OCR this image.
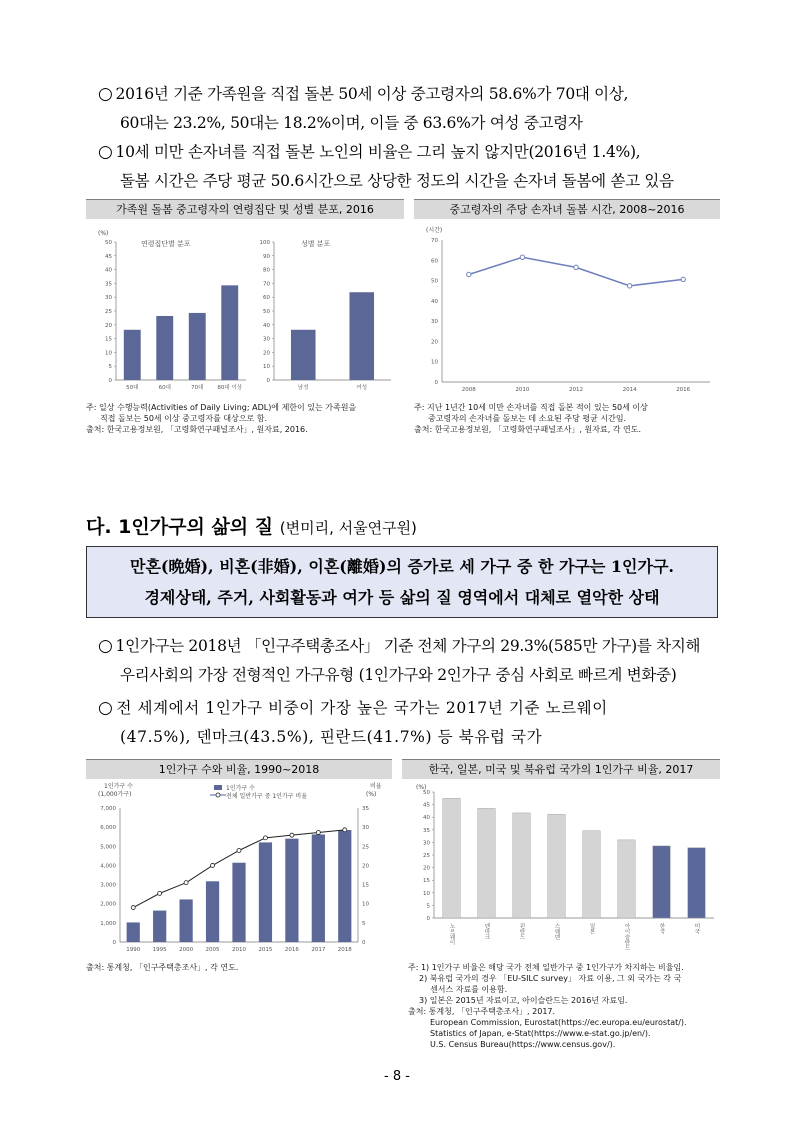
○ 2016년 기준 가족원을 직접 돌본 50세 이상 중고령자의 58.6%가 70대 이상,
60대는 23.2%, 50대는 18.2%이며, 이들 중 63.6%가 여성 중고령자
○ 10세 미만 손자녀를 직접 돌본 노인의 비율은 그리 높지 않지만(2016년 1.4%),
돌봄 시간은 주당 평균 50.6시간으로 상당한 정도의 시간을 손자녀 돌봄에 쏟고 있음
가족원 돌봄 중고령자의 연령집단 및 성별 분포, 2016	중고령자의 주당 손자녀 돌봄 시간, 2008~2016
(%)
연령집단별 분포	성별 분포
0
5
10
15
20
25
30
35
40
45
50
50대	60대	70대	80대 이상
0
10
20
30
40
50
60
70
80
90
100
남성	여성
주: 일상 수행능력(Activities of Daily Living; ADL)에 제한이 있는 가족원을
직접 돌보는 50세 이상 중고령자를 대상으로 함.
출처: 한국고용정보원, 「고령화연구패널조사」, 원자료, 2016.
(시간)
0
10
20
30
40
50
60
70
2008	2010	2012	2014	2016
주: 지난 1년간 10세 미만 손자녀를 직접 돌본 적이 있는 50세 이상
중고령자의 손자녀를 돌보는 데 소요된 주당 평균 시간임.
출처: 한국고용정보원, 「고령화연구패널조사」, 원자료, 각 연도.
다. 1인가구의 삶의 질 (변미리, 서울연구원)
만혼(晩婚), 비혼(非婚), 이혼(離婚)의 증가로 세 가구 중 한 가구는 1인가구.
경제상태, 주거, 사회활동과 여가 등 삶의 질 영역에서 대체로 열악한 상태
○ 1인가구는 2018년 「인구주택총조사」 기준 전체 가구의 29.3%(585만 가구)를 차지해
우리사회의 가장 전형적인 가구유형 (1인가구와 2인가구 중심 사회로 빠르게 변화중)
○ 전 세계에서 1인가구 비중이 가장 높은 국가는 2017년 기준 노르웨이
(47.5%), 덴마크(43.5%), 핀란드(41.7%) 등 북유럽 국가
1인가구 수와 비율, 1990~2018	한국, 일본, 미국 및 북유럽 국가의 1인가구 비율, 2017
1인가구 수
(1,000가구)
비율
(%)
1인가구 수
전체 일반가구 중 1인가구 비율
0
1,000
2,000
3,000
4,000
5,000
6,000
7,000
0
5
10
15
20
25
30
35
1990 1995 2000 2005 2010 2015 2016 2017 2018
출처: 통계청, 「인구주택총조사」, 각 연도.
(%)
0
5
10
15
20
25
30
35
40
45
50
노르웨이	덴마크	핀란드	스웨덴	일본	아이슬란드	한국	미국
주: 1) 1인가구 비율은 해당 국가 전체 일반가구 중 1인가구가 차지하는 비율임.
2) 북유럽 국가의 경우 「EU-SILC survey」 자료 이용, 그 외 국가는 각 국
센서스 자료를 이용함.
3) 일본은 2015년 자료이고, 아이슬란드는 2016년 자료임.
출처: 통계청, 「인구주택총조사」, 2017.
European Commission, Eurostat(https://ec.europa.eu/eurostat/).
Statistics of Japan, e-Stat(https://www.e-stat.go.jp/en/).
U.S. Census Bureau(https://www.census.gov/).
- 8 -
